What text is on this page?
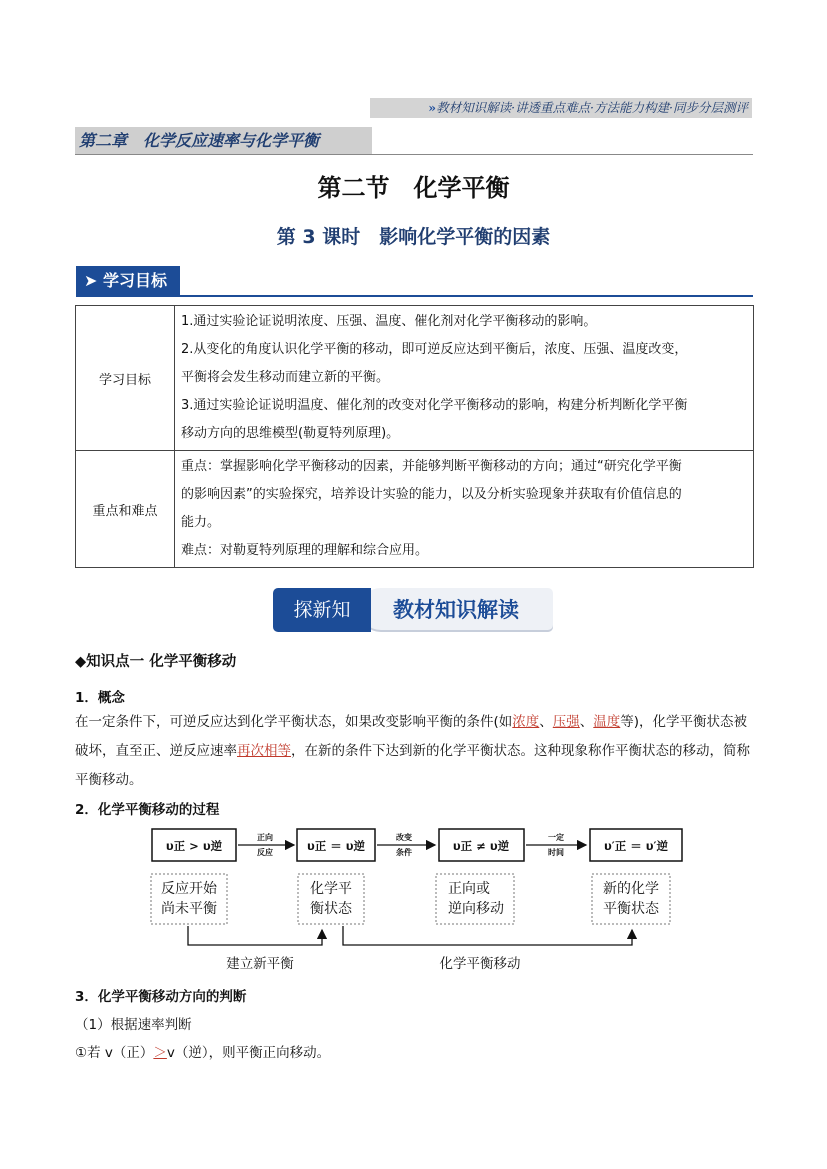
»教材知识解读·讲透重点难点·方法能力构建·同步分层测评
第二章　化学反应速率与化学平衡
第二节　化学平衡
第 3 课时　影响化学平衡的因素
➤ 学习目标
学习目标	1.通过实验论证说明浓度、压强、温度、催化剂对化学平衡移动的影响。
2.从变化的角度认识化学平衡的移动，即可逆反应达到平衡后，浓度、压强、温度改变，
平衡将会发生移动而建立新的平衡。
3.通过实验论证说明温度、催化剂的改变对化学平衡移动的影响，构建分析判断化学平衡
移动方向的思维模型(勒夏特列原理)。

重点和难点	重点：掌握影响化学平衡移动的因素，并能够判断平衡移动的方向；通过“研究化学平衡
的影响因素”的实验探究，培养设计实验的能力，以及分析实验现象并获取有价值信息的
能力。
难点：对勒夏特列原理的理解和综合应用。
教材知识解读
探新知
◆知识点一 化学平衡移动
1．概念
在一定条件下，可逆反应达到化学平衡状态，如果改变影响平衡的条件(如浓度、压强、温度等)，化学平衡状态被破坏，直至正、逆反应速率再次相等，在新的条件下达到新的化学平衡状态。这种现象称作平衡状态的移动，简称平衡移动。
2．化学平衡移动的过程
υ正 > υ逆
正向
反应	υ正 ＝ υ逆
改变
条件	υ正 ≠ υ逆
一定
时间	υ′正 ＝ υ′逆
反应开始
尚未平衡
化学平
衡状态
正向或
逆向移动
新的化学
平衡状态
建立新平衡	化学平衡移动
3．化学平衡移动方向的判断
（1）根据速率判断
①若 v（正）＞v（逆），则平衡正向移动。
